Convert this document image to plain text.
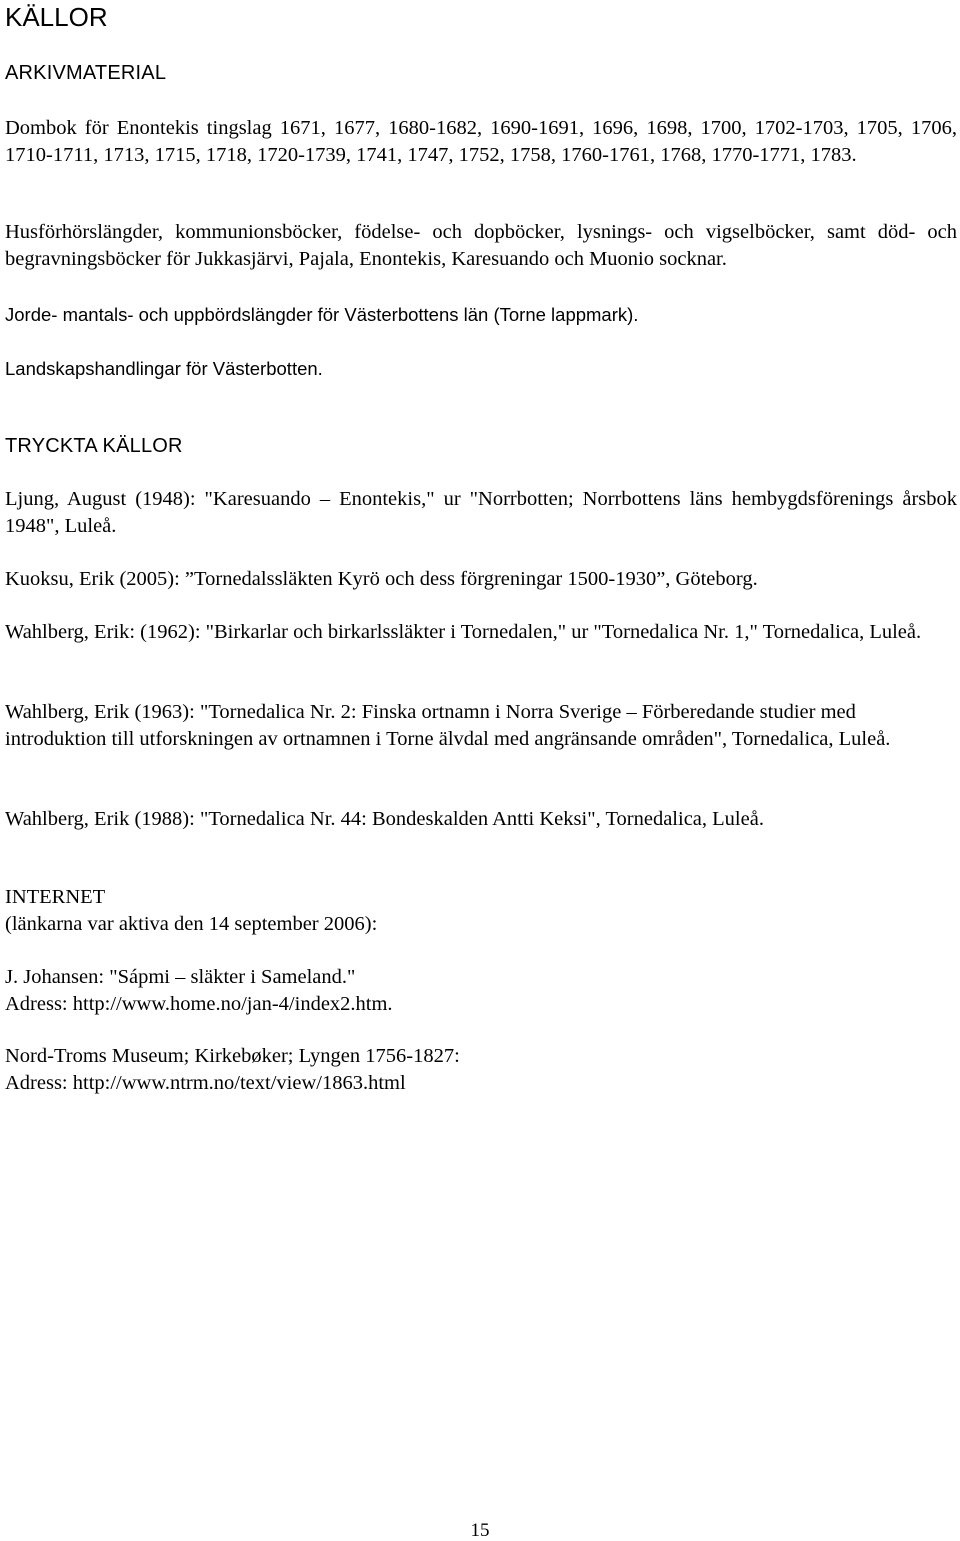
KÄLLOR
ARKIVMATERIAL

Dombok för Enontekis tingslag 1671, 1677, 1680-1682, 1690-1691, 1696, 1698, 1700, 1702-1703, 1705, 1706, 1710-1711, 1713, 1715, 1718, 1720-1739, 1741, 1747, 1752, 1758, 1760-1761, 1768, 1770-1771, 1783.

Husförhörslängder, kommunionsböcker, födelse- och dopböcker, lysnings- och vigselböcker, samt död- och begravningsböcker för Jukkasjärvi, Pajala, Enontekis, Karesuando och Muonio socknar.

Jorde- mantals- och uppbördslängder för Västerbottens län (Torne lappmark).

Landskapshandlingar för Västerbotten.

TRYCKTA KÄLLOR

Ljung, August (1948): "Karesuando – Enontekis," ur "Norrbotten; Norrbottens läns hembygdsförenings årsbok 1948", Luleå.

Kuoksu, Erik (2005): ”Tornedalssläkten Kyrö och dess förgreningar 1500-1930”, Göteborg.

Wahlberg, Erik: (1962): "Birkarlar och birkarlssläkter i Tornedalen," ur "Tornedalica Nr. 1," Tornedalica, Luleå.

Wahlberg, Erik (1963): "Tornedalica Nr. 2: Finska ortnamn i Norra Sverige – Förberedande studier med introduktion till utforskningen av ortnamnen i Torne älvdal med angränsande områden", Tornedalica, Luleå.

Wahlberg, Erik (1988): "Tornedalica Nr. 44: Bondeskalden Antti Keksi", Tornedalica, Luleå.

INTERNET
(länkarna var aktiva den 14 september 2006):
J. Johansen: "Sápmi – släkter i Sameland."
Adress: http://www.home.no/jan-4/index2.htm.
Nord-Troms Museum; Kirkebøker; Lyngen 1756-1827:
Adress: http://www.ntrm.no/text/view/1863.html
15
